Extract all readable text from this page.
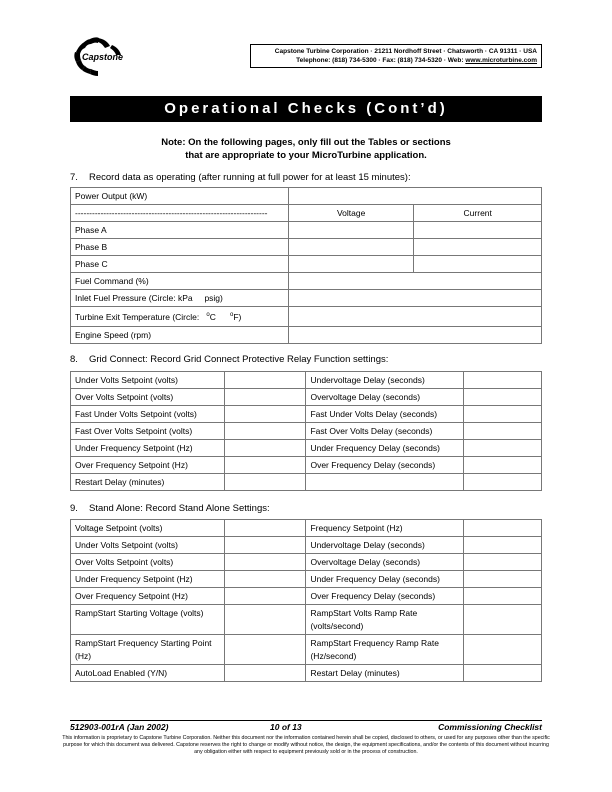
Capstone
Capstone Turbine Corporation · 21211 Nordhoff Street · Chatsworth · CA 91311 · USA
Telephone: (818) 734-5300 · Fax: (818) 734-5320 · Web: www.microturbine.com
Operational Checks (Cont’d)
Note: On the following pages, only fill out the Tables or sections
that are appropriate to your MicroTurbine application.
7. Record data as operating (after running at full power for at least 15 minutes):
Power Output (kW)		
--------------------------------------------------------------------	Voltage	Current
Phase A		
Phase B		
Phase C		
Fuel Command (%)		
Inlet Fuel Pressure (Circle: kPa psig)		
Turbine Exit Temperature (Circle: $^o$C $^o$F)		
Engine Speed (rpm)		
8. Grid Connect: Record Grid Connect Protective Relay Function settings:
Under Volts Setpoint (volts)		Undervoltage Delay (seconds)	
Over Volts Setpoint (volts)		Overvoltage Delay (seconds)	
Fast Under Volts Setpoint (volts)		Fast Under Volts Delay (seconds)	
Fast Over Volts Setpoint (volts)		Fast Over Volts Delay (seconds)	
Under Frequency Setpoint (Hz)		Under Frequency Delay (seconds)	
Over Frequency Setpoint (Hz)		Over Frequency Delay (seconds)	
Restart Delay (minutes)			
9. Stand Alone: Record Stand Alone Settings:
Voltage Setpoint (volts)		Frequency Setpoint (Hz)	
Under Volts Setpoint (volts)		Undervoltage Delay (seconds)	
Over Volts Setpoint (volts)		Overvoltage Delay (seconds)	
Under Frequency Setpoint (Hz)		Under Frequency Delay (seconds)	
Over Frequency Setpoint (Hz)		Over Frequency Delay (seconds)	
RampStart Starting Voltage (volts)		RampStart Volts Ramp Rate (volts/second)	
RampStart Frequency Starting Point (Hz)		RampStart Frequency Ramp Rate (Hz/second)	
AutoLoad Enabled (Y/N)		Restart Delay (minutes)	
512903-001rA (Jan 2002)	10 of 13	Commissioning Checklist
This information is proprietary to Capstone Turbine Corporation. Neither this document nor the information contained herein shall be copied, disclosed to others, or used for any purposes other than the specific purpose for which this document was delivered. Capstone reserves the right to change or modify without notice, the design, the equipment specifications, and/or the contents of this document without incurring any obligation either with respect to equipment previously sold or in the process of construction.
